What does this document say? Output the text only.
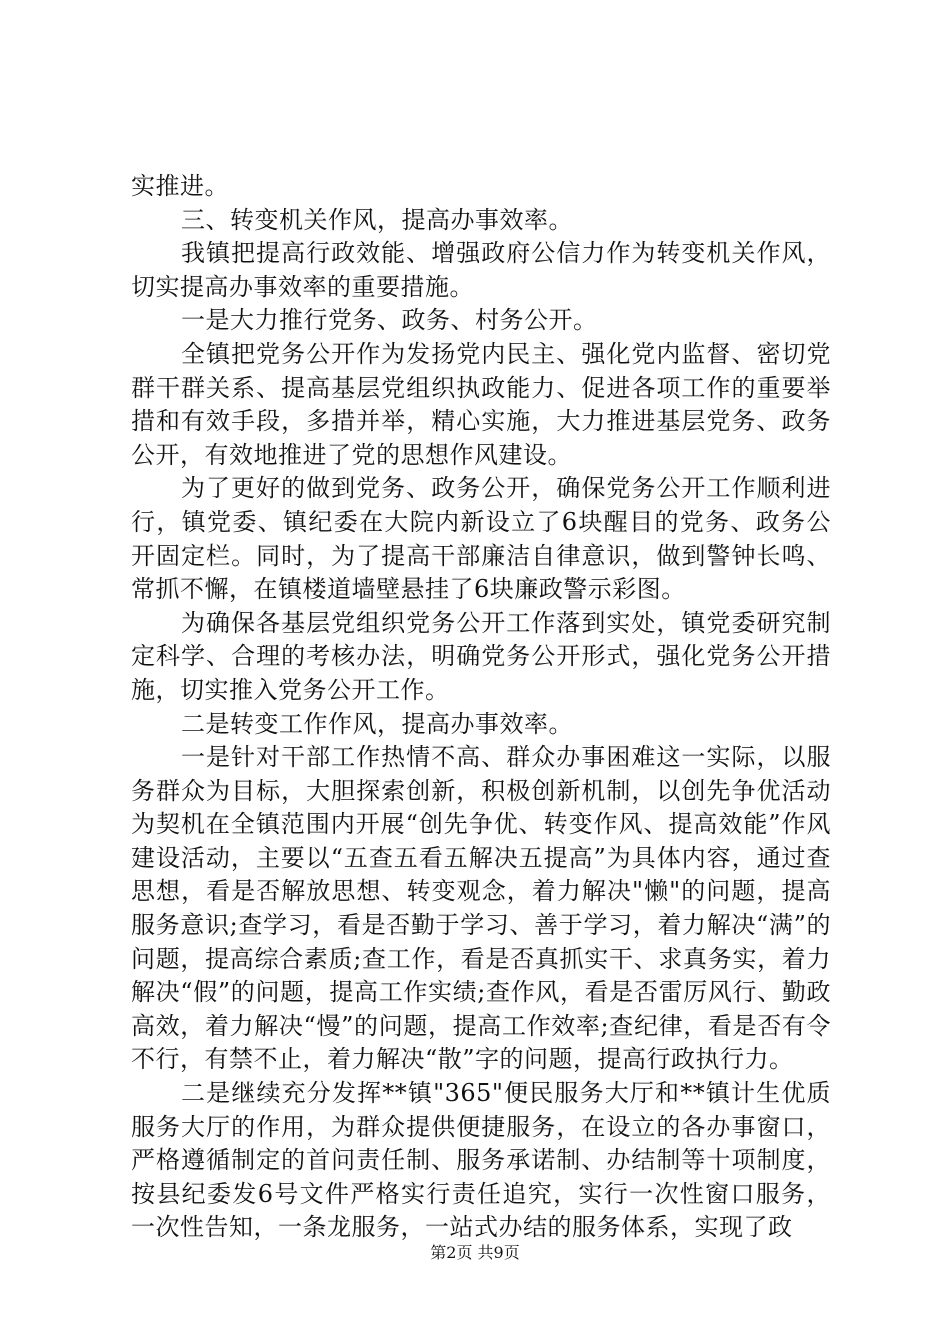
实推进。

三、转变机关作风，提高办事效率。

我镇把提高行政效能、增强政府公信力作为转变机关作风，切实提高办事效率的重要措施。

一是大力推行党务、政务、村务公开。

全镇把党务公开作为发扬党内民主、强化党内监督、密切党群干群关系、提高基层党组织执政能力、促进各项工作的重要举措和有效手段，多措并举，精心实施，大力推进基层党务、政务公开，有效地推进了党的思想作风建设。

为了更好的做到党务、政务公开，确保党务公开工作顺利进行，镇党委、镇纪委在大院内新设立了6块醒目的党务、政务公开固定栏。同时，为了提高干部廉洁自律意识，做到警钟长鸣、常抓不懈，在镇楼道墙壁悬挂了6块廉政警示彩图。

为确保各基层党组织党务公开工作落到实处，镇党委研究制定科学、合理的考核办法，明确党务公开形式，强化党务公开措施，切实推入党务公开工作。

二是转变工作作风，提高办事效率。

一是针对干部工作热情不高、群众办事困难这一实际，以服务群众为目标，大胆探索创新，积极创新机制，以创先争优活动为契机在全镇范围内开展“创先争优、转变作风、提高效能”作风建设活动，主要以“五查五看五解决五提高”为具体内容，通过查思想，看是否解放思想、转变观念，着力解决"懒"的问题，提高服务意识;查学习，看是否勤于学习、善于学习，着力解决“满”的问题，提高综合素质;查工作，看是否真抓实干、求真务实，着力解决“假”的问题，提高工作实绩;查作风，看是否雷厉风行、勤政高效，着力解决“慢”的问题，提高工作效率;查纪律，看是否有令不行，有禁不止，着力解决“散”字的问题，提高行政执行力。

二是继续充分发挥**镇"365"便民服务大厅和**镇计生优质服务大厅的作用，为群众提供便捷服务，在设立的各办事窗口，严格遵循制定的首问责任制、服务承诺制、办结制等十项制度，按县纪委发6号文件严格实行责任追究，实行一次性窗口服务，一次性告知，一条龙服务，一站式办结的服务体系，实现了政

第2页 共9页
